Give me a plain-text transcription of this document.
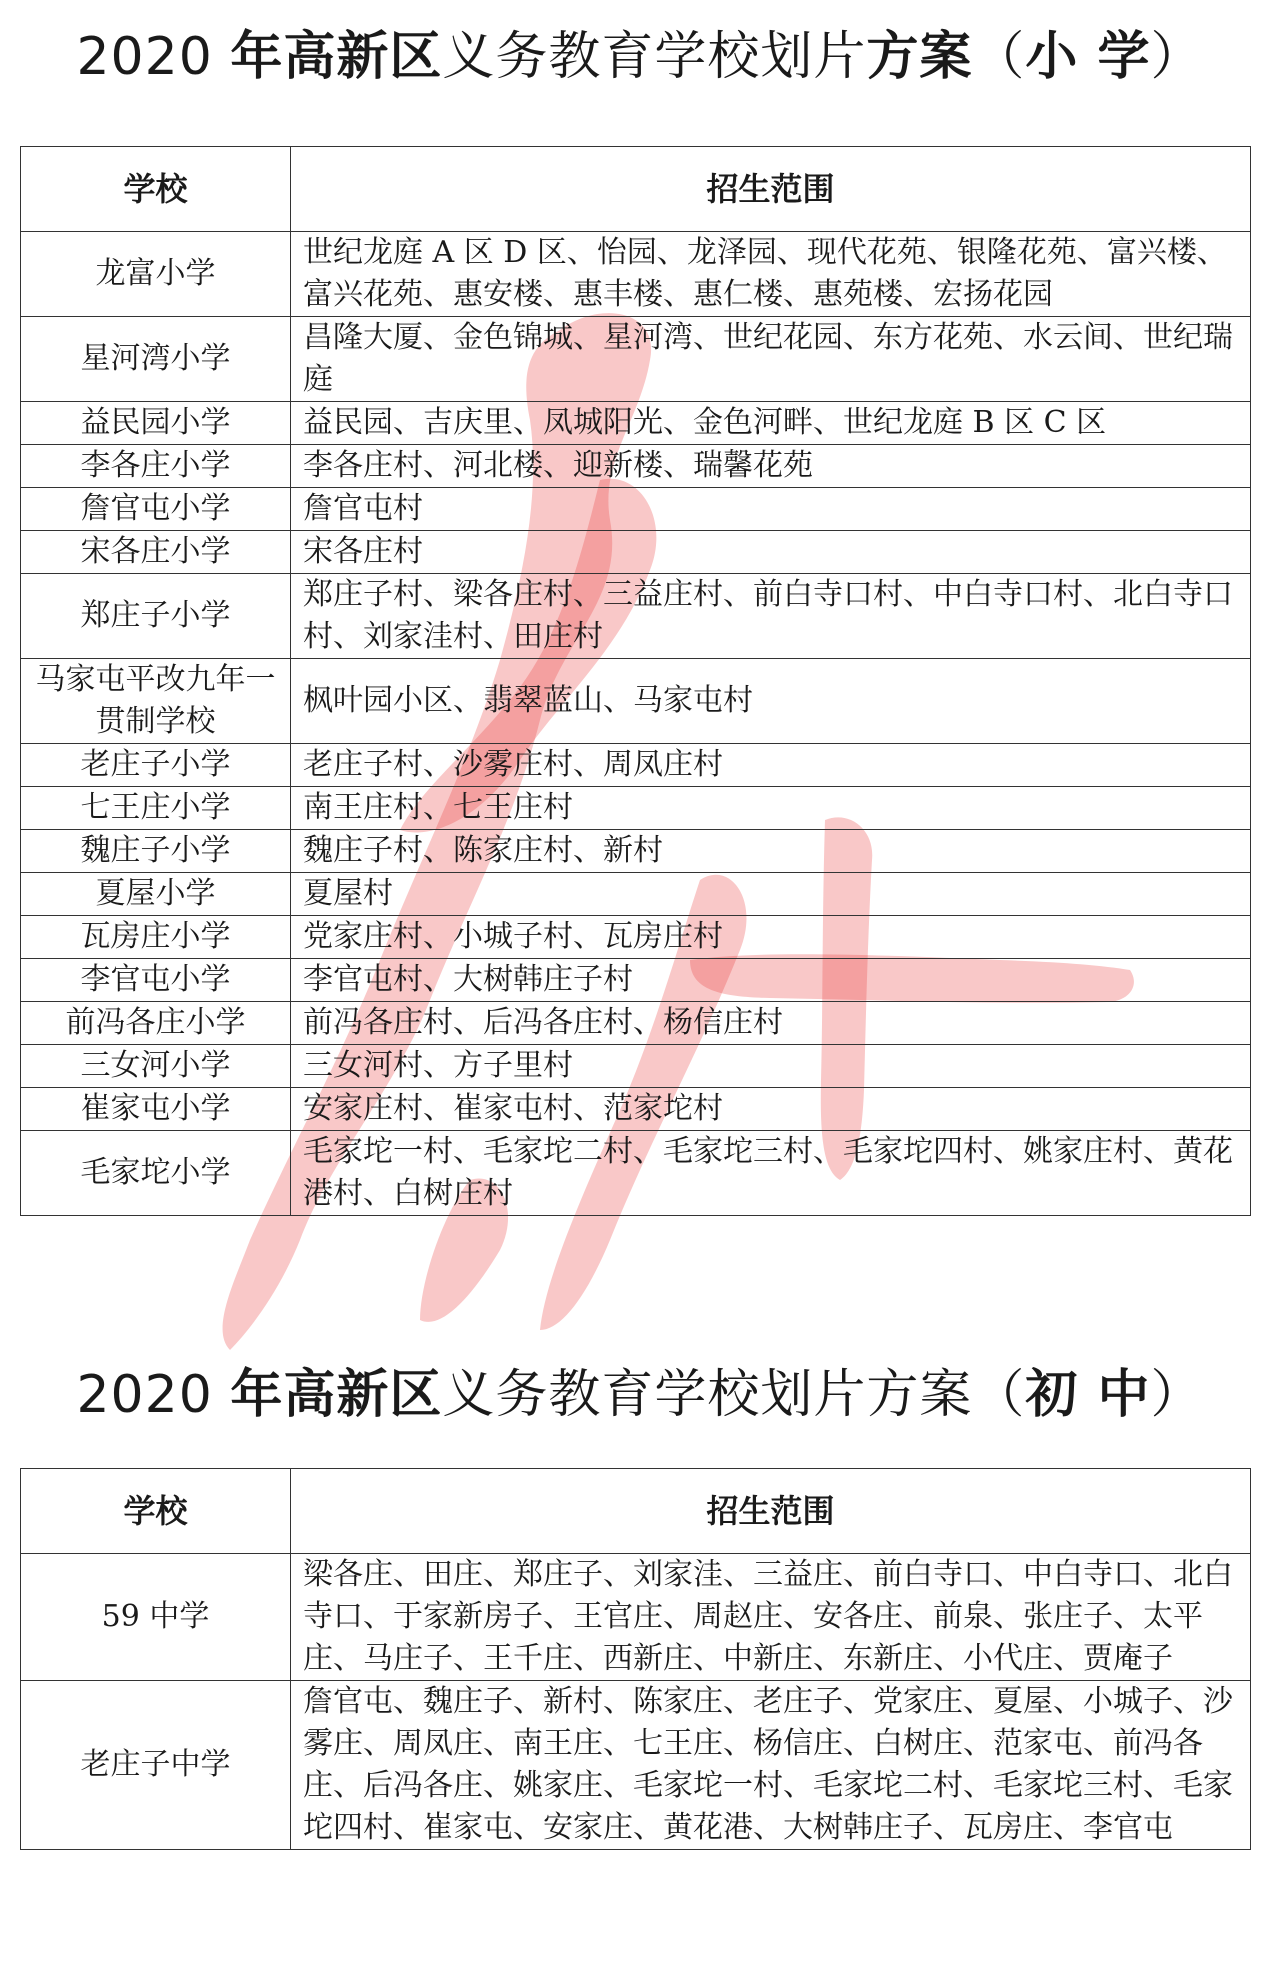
2020 年高新区义务教育学校划片方案（小 学）
学校	招生范围
龙富小学	世纪龙庭 A 区 D 区、怡园、龙泽园、现代花苑、银隆花苑、富兴楼、富兴花苑、惠安楼、惠丰楼、惠仁楼、惠苑楼、宏扬花园
星河湾小学	昌隆大厦、金色锦城、星河湾、世纪花园、东方花苑、水云间、世纪瑞庭
益民园小学	益民园、吉庆里、凤城阳光、金色河畔、世纪龙庭 B 区 C 区
李各庄小学	李各庄村、河北楼、迎新楼、瑞馨花苑
詹官屯小学	詹官屯村
宋各庄小学	宋各庄村
郑庄子小学	郑庄子村、梁各庄村、三益庄村、前白寺口村、中白寺口村、北白寺口村、刘家洼村、田庄村
马家屯平改九年一贯制学校	枫叶园小区、翡翠蓝山、马家屯村
老庄子小学	老庄子村、沙雾庄村、周凤庄村
七王庄小学	南王庄村、七王庄村
魏庄子小学	魏庄子村、陈家庄村、新村
夏屋小学	夏屋村
瓦房庄小学	党家庄村、小城子村、瓦房庄村
李官屯小学	李官屯村、大树韩庄子村
前冯各庄小学	前冯各庄村、后冯各庄村、杨信庄村
三女河小学	三女河村、方子里村
崔家屯小学	安家庄村、崔家屯村、范家坨村
毛家坨小学	毛家坨一村、毛家坨二村、毛家坨三村、毛家坨四村、姚家庄村、黄花港村、白树庄村
2020 年高新区义务教育学校划片方案（初 中）
学校	招生范围
59 中学	梁各庄、田庄、郑庄子、刘家洼、三益庄、前白寺口、中白寺口、北白寺口、于家新房子、王官庄、周赵庄、安各庄、前泉、张庄子、太平庄、马庄子、王千庄、西新庄、中新庄、东新庄、小代庄、贾庵子
老庄子中学	詹官屯、魏庄子、新村、陈家庄、老庄子、党家庄、夏屋、小城子、沙雾庄、周凤庄、南王庄、七王庄、杨信庄、白树庄、范家屯、前冯各庄、后冯各庄、姚家庄、毛家坨一村、毛家坨二村、毛家坨三村、毛家坨四村、崔家屯、安家庄、黄花港、大树韩庄子、瓦房庄、李官屯
